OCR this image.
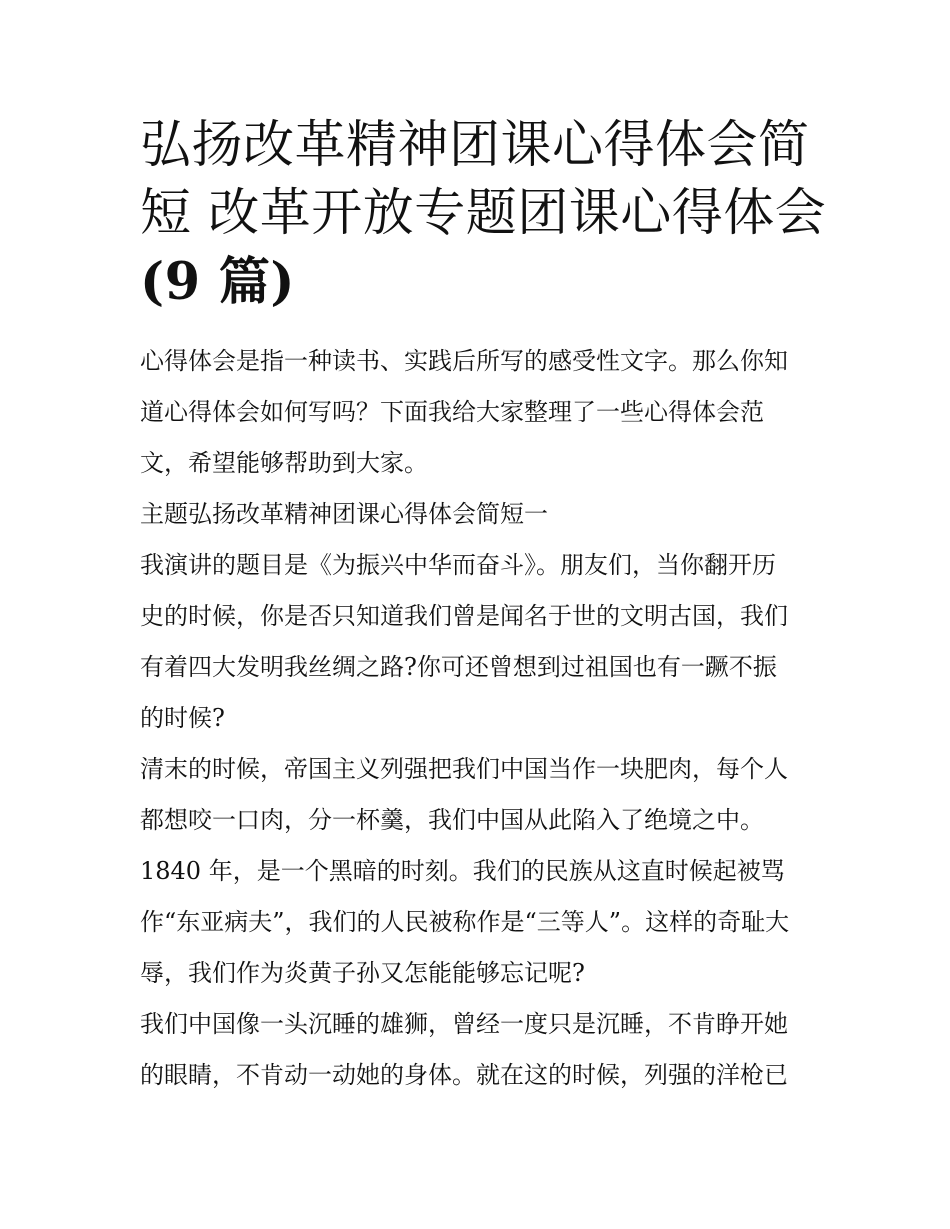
弘扬改革精神团课心得体会简
短 改革开放专题团课心得体会
(9 篇)

心得体会是指一种读书、实践后所写的感受性文字。那么你知
道心得体会如何写吗？下面我给大家整理了一些心得体会范
文，希望能够帮助到大家。

主题弘扬改革精神团课心得体会简短一

我演讲的题目是《为振兴中华而奋斗》。朋友们，当你翻开历
史的时候，你是否只知道我们曾是闻名于世的文明古国，我们
有着四大发明我丝绸之路?你可还曾想到过祖国也有一蹶不振
的时候?

清末的时候，帝国主义列强把我们中国当作一块肥肉，每个人
都想咬一口肉，分一杯羹，我们中国从此陷入了绝境之中。
1840 年，是一个黑暗的时刻。我们的民族从这直时候起被骂
作“东亚病夫”，我们的人民被称作是“三等人”。这样的奇耻大
辱，我们作为炎黄子孙又怎能能够忘记呢?

我们中国像一头沉睡的雄狮，曾经一度只是沉睡，不肯睁开她
的眼睛，不肯动一动她的身体。就在这的时候，列强的洋枪已
